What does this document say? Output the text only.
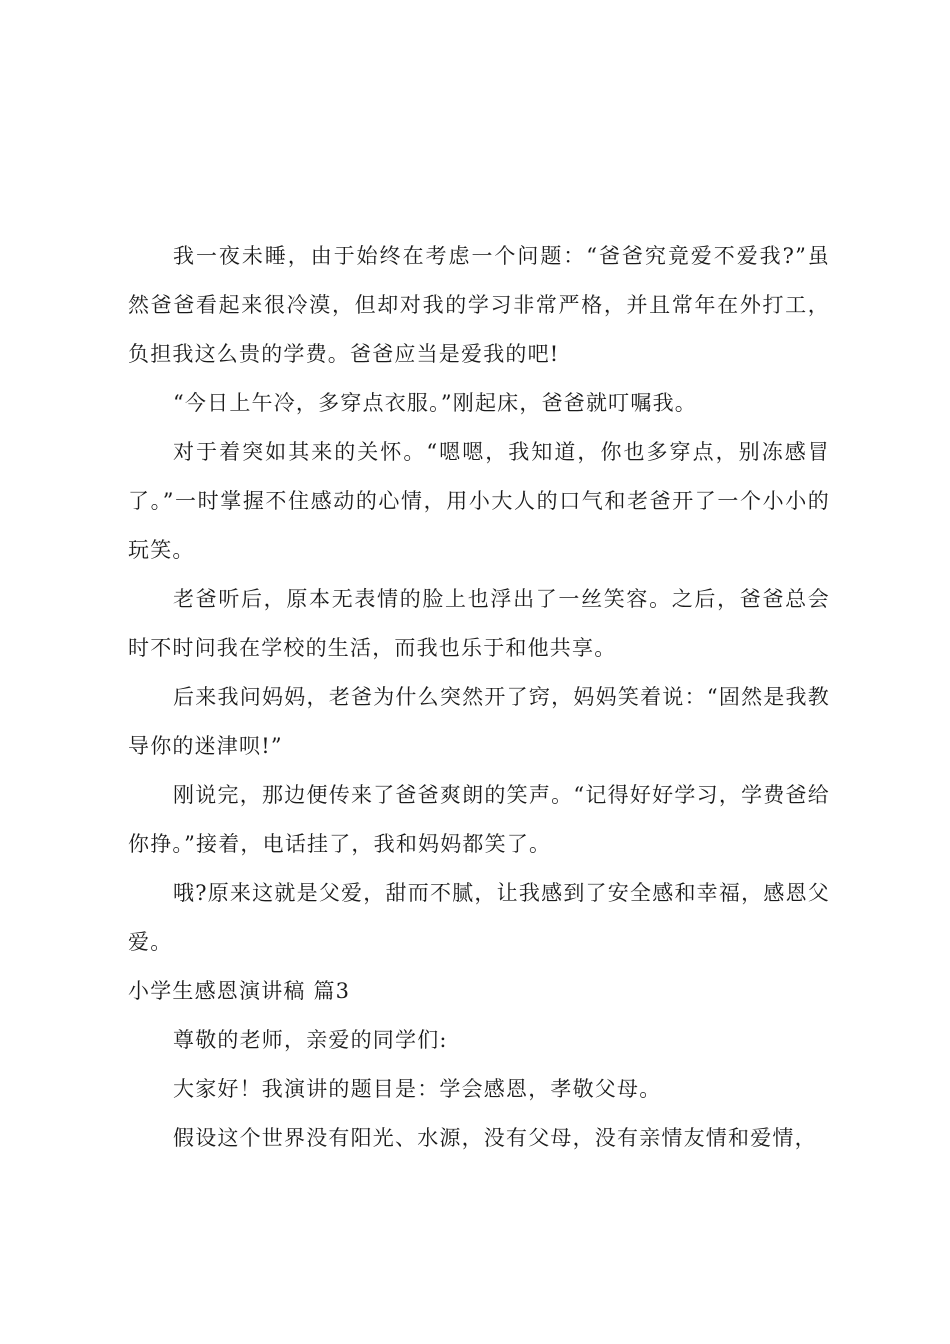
我一夜未睡，由于始终在考虑一个问题：“爸爸究竟爱不爱我?”虽然爸爸看起来很冷漠，但却对我的学习非常严格，并且常年在外打工，负担我这么贵的学费。爸爸应当是爱我的吧!

“今日上午冷，多穿点衣服。”刚起床，爸爸就叮嘱我。

对于着突如其来的关怀。“嗯嗯，我知道，你也多穿点，别冻感冒了。”一时掌握不住感动的心情，用小大人的口气和老爸开了一个小小的玩笑。

老爸听后，原本无表情的脸上也浮出了一丝笑容。之后，爸爸总会时不时问我在学校的生活，而我也乐于和他共享。

后来我问妈妈，老爸为什么突然开了窍，妈妈笑着说：“固然是我教导你的迷津呗!”

刚说完，那边便传来了爸爸爽朗的笑声。“记得好好学习，学费爸给你挣。”接着，电话挂了，我和妈妈都笑了。

哦?原来这就是父爱，甜而不腻，让我感到了安全感和幸福，感恩父爱。

小学生感恩演讲稿 篇3

尊敬的老师，亲爱的同学们:

大家好！我演讲的题目是：学会感恩，孝敬父母。

假设这个世界没有阳光、水源，没有父母，没有亲情友情和爱情，
